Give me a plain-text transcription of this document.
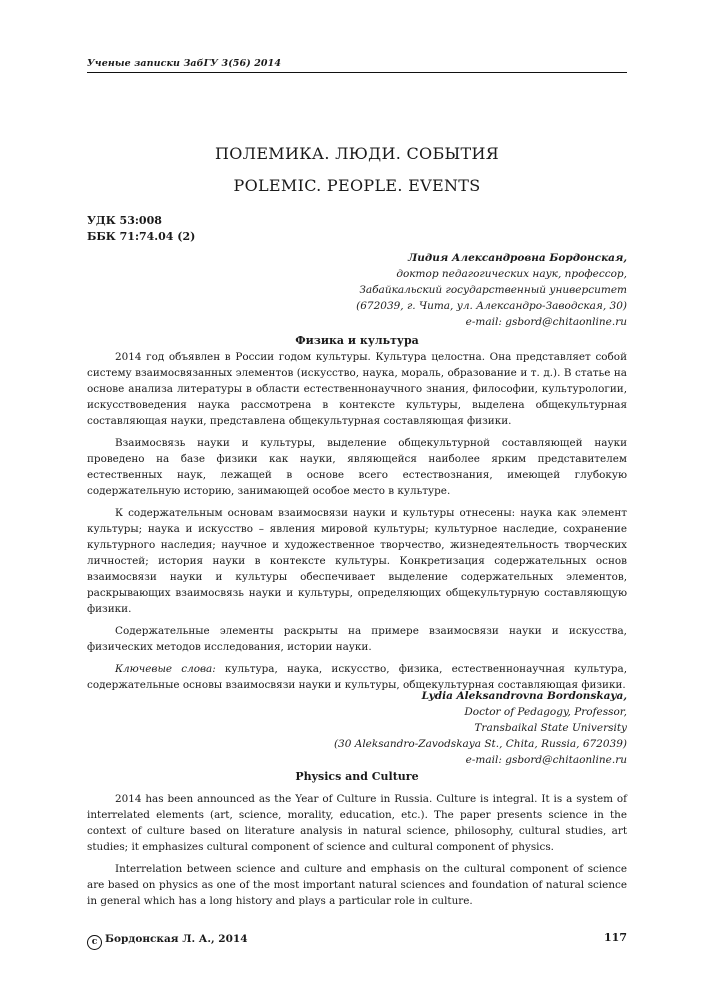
Ученые записки ЗабГУ 3(56) 2014
ПОЛЕМИКА. ЛЮДИ. СОБЫТИЯ
POLEMIC. PEOPLE. EVENTS
УДК 53:008
ББК 71:74.04 (2)
Лидия Александровна Бордонская,
доктор педагогических наук, профессор,
Забайкальский государственный университет
(672039, г. Чита, ул. Александро-Заводская, 30)
e-mail: gsbord@chitaonline.ru
Физика и культура

2014 год объявлен в России годом культуры. Культура целостна. Она представляет собой систему взаимосвязанных элементов (искусство, наука, мораль, образование и т. д.). В статье на основе анализа литературы в области естественнонаучного знания, философии, культурологии, искусствоведения наука рассмотрена в контексте культуры, выделена общекультурная составляющая науки, представлена общекультурная составляющая физики.

Взаимосвязь науки и культуры, выделение общекультурной составляющей науки проведено на базе физики как науки, являющейся наиболее ярким представителем естественных наук, лежащей в основе всего естествознания, имеющей глубокую содержательную историю, занимающей особое место в культуре.

К содержательным основам взаимосвязи науки и культуры отнесены: наука как элемент культуры; наука и искусство – явления мировой культуры; культурное наследие, сохранение культурного наследия; научное и художественное творчество, жизнедеятельность творческих личностей; история науки в контексте культуры. Конкретизация содержательных основ взаимосвязи науки и культуры обеспечивает выделение содержательных элементов, раскрывающих взаимосвязь науки и культуры, определяющих общекультурную составляющую физики.

Содержательные элементы раскрыты на примере взаимосвязи науки и искусства, физических методов исследования, истории науки.

Ключевые слова: культура, наука, искусство, физика, естественнонаучная культура, содержательные основы взаимосвязи науки и культуры, общекультурная составляющая физики.

Lydia Aleksandrovna Bordonskaya,
Doctor of Pedagogy, Professor,
Transbaikal State University
(30 Aleksandro-Zavodskaya St., Chita, Russia, 672039)
e-mail: gsbord@chitaonline.ru
Physics and Culture

2014 has been announced as the Year of Culture in Russia. Culture is integral. It is a system of interrelated elements (art, science, morality, education, etc.). The paper presents science in the context of culture based on literature analysis in natural science, philosophy, cultural studies, art studies; it emphasizes cultural component of science and cultural component of physics.

Interrelation between science and culture and emphasis on the cultural component of science are based on physics as one of the most important natural sciences and foundation of natural science in general which has a long history and plays a particular role in culture.

c Бордонская Л. А., 2014	117
